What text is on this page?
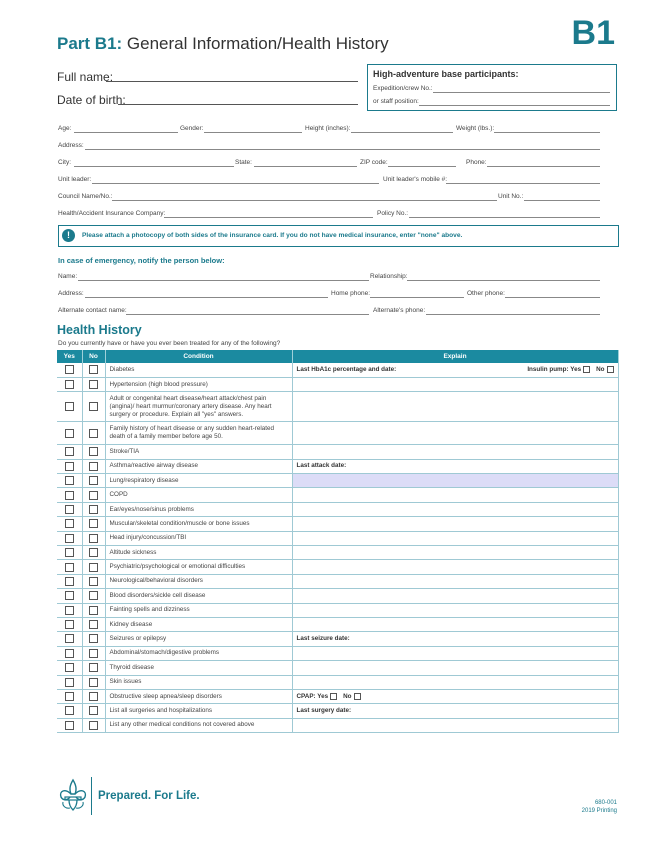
Part B1: General Information/Health History	B1
Full name:
Date of birth:
High-adventure base participants:
Expedition/crew No.:
or staff position:
Age:	Gender:	Height (inches):	Weight (lbs.):
Address:
City:	State:	ZIP code:	Phone:
Unit leader:	Unit leader's mobile #:
Council Name/No.:	Unit No.:
Health/Accident Insurance Company:	Policy No.:
!	Please attach a photocopy of both sides of the insurance card. If you do not have medical insurance, enter "none" above.
In case of emergency, notify the person below:
Name:	Relationship:
Address:	Home phone:	Other phone:
Alternate contact name:	Alternate's phone:
Health History
Do you currently have or have you ever been treated for any of the following?
Yes	No	Condition	Explain
		Diabetes	Last HbA1c percentage and date: Insulin pump: Yes No

		Hypertension (high blood pressure)	
		Adult or congenital heart disease/heart attack/chest pain (angina)/ heart murmur/coronary artery disease. Any heart surgery or procedure. Explain all "yes" answers.	
		Family history of heart disease or any sudden heart-related death of a family member before age 50.	
		Stroke/TIA	
		Asthma/reactive airway disease	Last attack date:
		Lung/respiratory disease	
		COPD	
		Ear/eyes/nose/sinus problems	
		Muscular/skeletal condition/muscle or bone issues	
		Head injury/concussion/TBI	
		Altitude sickness	
		Psychiatric/psychological or emotional difficulties	
		Neurological/behavioral disorders	
		Blood disorders/sickle cell disease	
		Fainting spells and dizziness	
		Kidney disease	
		Seizures or epilepsy	Last seizure date:
		Abdominal/stomach/digestive problems	
		Thyroid disease	
		Skin issues	
		Obstructive sleep apnea/sleep disorders	CPAP: Yes No
		List all surgeries and hospitalizations	Last surgery date:
		List any other medical conditions not covered above	
Prepared. For Life.
680-001
2019 Printing
